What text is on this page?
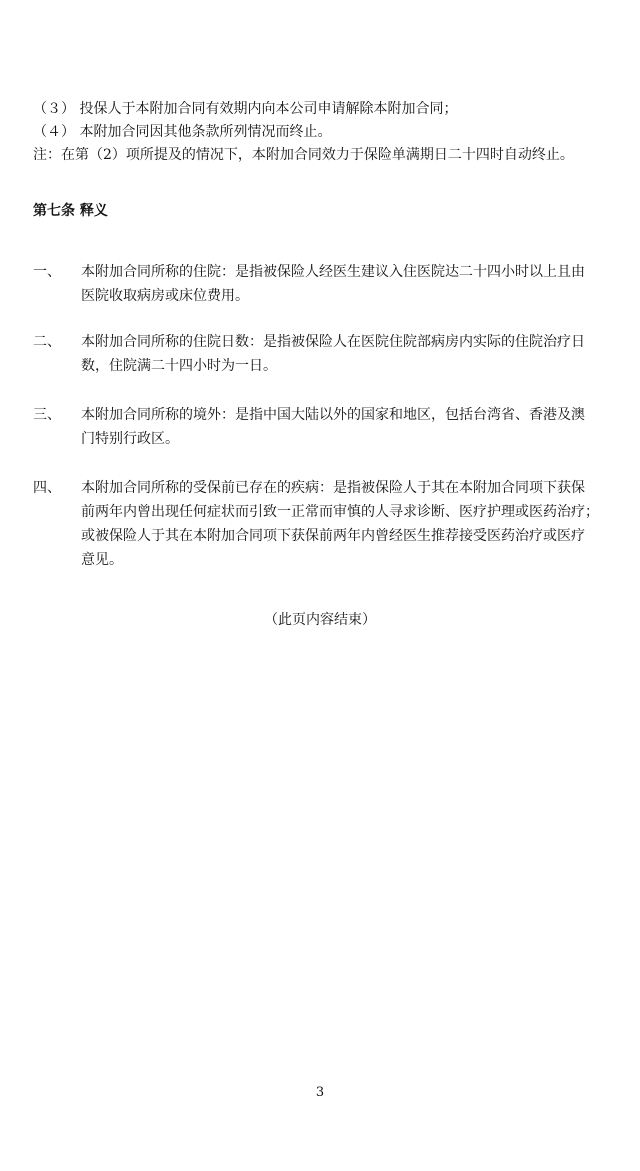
（３） 投保人于本附加合同有效期内向本公司申请解除本附加合同；
（４） 本附加合同因其他条款所列情况而终止。
注：在第（2）项所提及的情况下，本附加合同效力于保险单满期日二十四时自动终止。
第七条 释义
一、 本附加合同所称的住院：是指被保险人经医生建议入住医院达二十四小时以上且由
医院收取病房或床位费用。
二、 本附加合同所称的住院日数：是指被保险人在医院住院部病房内实际的住院治疗日
数，住院满二十四小时为一日。
三、 本附加合同所称的境外：是指中国大陆以外的国家和地区，包括台湾省、香港及澳
门特别行政区。
四、 本附加合同所称的受保前已存在的疾病：是指被保险人于其在本附加合同项下获保
前两年内曾出现任何症状而引致一正常而审慎的人寻求诊断、医疗护理或医药治疗；
或被保险人于其在本附加合同项下获保前两年内曾经医生推荐接受医药治疗或医疗
意见。
（此页内容结束）
3
